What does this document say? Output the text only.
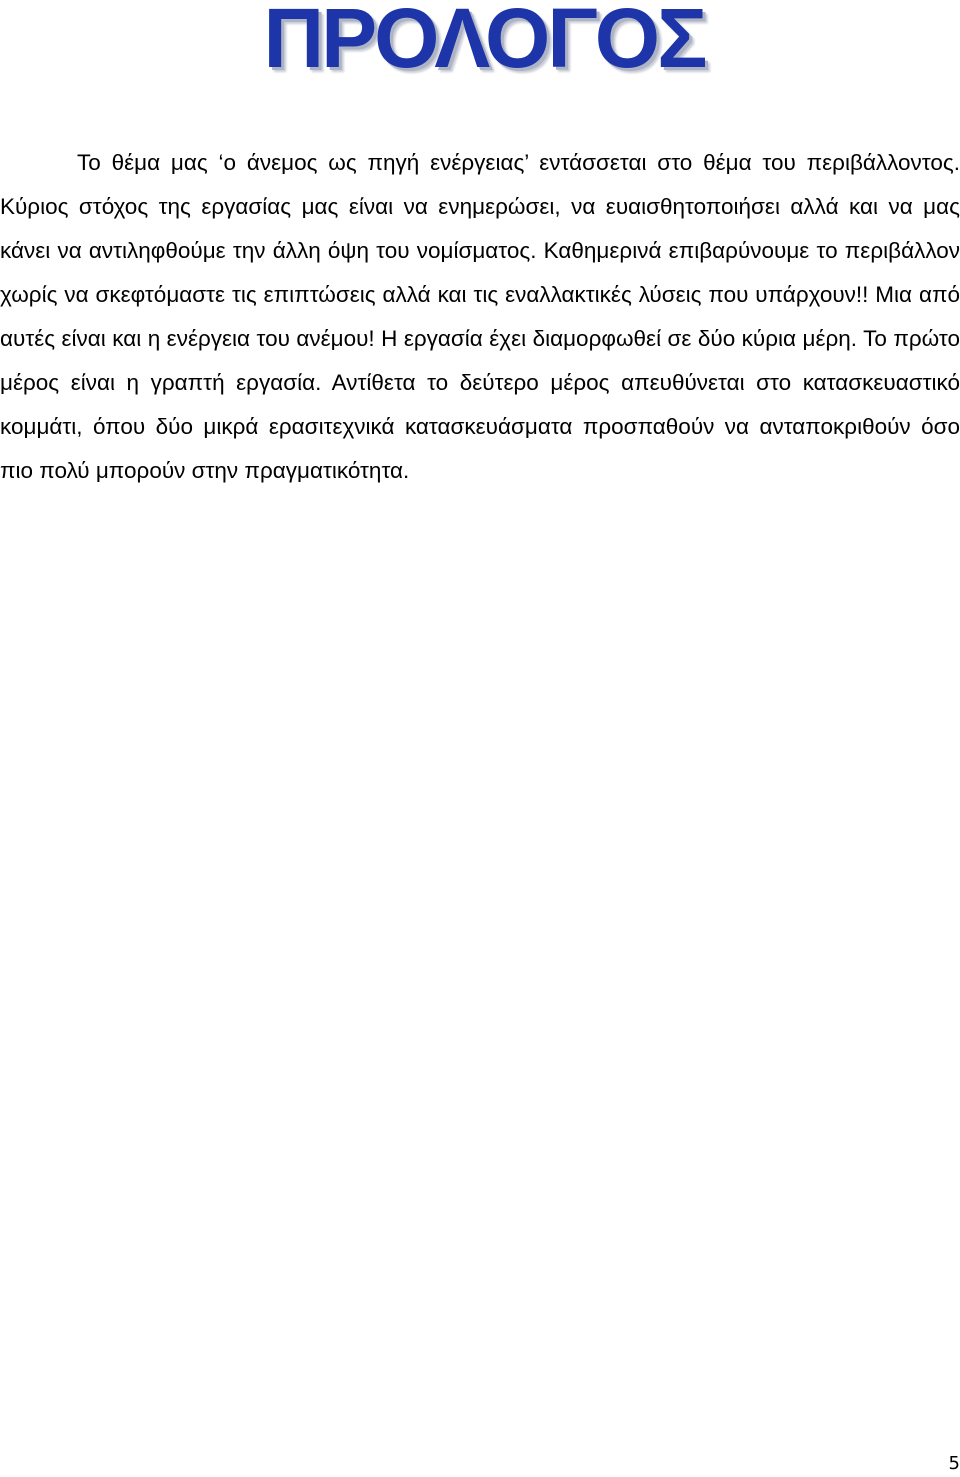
ΠΡΟΛΟΓΟΣ

Το θέμα μας ‘ο άνεμος ως πηγή ενέργειας’ εντάσσεται στο θέμα του περιβάλλοντος. Κύριος στόχος της εργασίας μας είναι να ενημερώσει, να ευαισθητοποιήσει αλλά και να μας κάνει να αντιληφθούμε την άλλη όψη του νομίσματος. Καθημερινά επιβαρύνουμε το περιβάλλον χωρίς να σκεφτόμαστε τις επιπτώσεις αλλά και τις εναλλακτικές λύσεις που υπάρχουν!! Μια από αυτές είναι και η ενέργεια του ανέμου! Η εργασία έχει διαμορφωθεί σε δύο κύρια μέρη. Το πρώτο μέρος είναι η γραπτή εργασία. Αντίθετα το δεύτερο μέρος απευθύνεται στο κατασκευαστικό κομμάτι, όπου δύο μικρά ερασιτεχνικά κατασκευάσματα προσπαθούν να ανταποκριθούν όσο πιο πολύ μπορούν στην πραγματικότητα.

5
